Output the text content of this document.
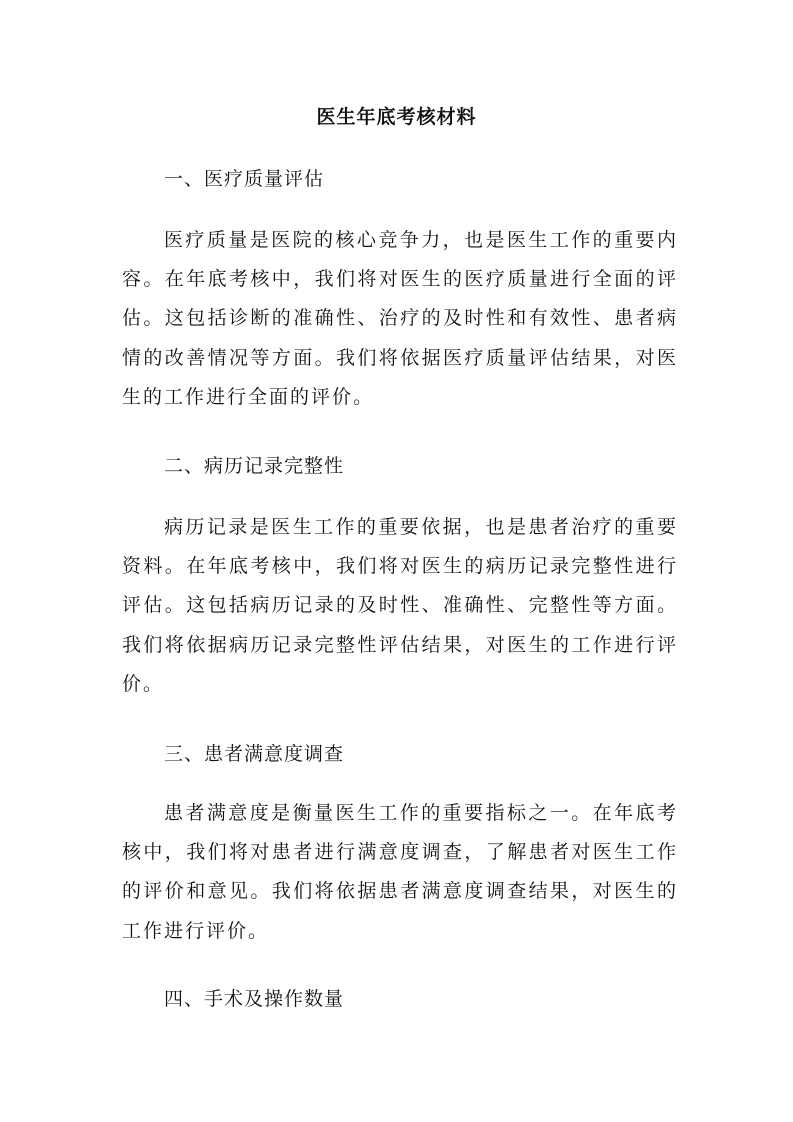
医生年底考核材料
一、医疗质量评估

医疗质量是医院的核心竞争力，也是医生工作的重要内容。在年底考核中，我们将对医生的医疗质量进行全面的评估。这包括诊断的准确性、治疗的及时性和有效性、患者病情的改善情况等方面。我们将依据医疗质量评估结果，对医生的工作进行全面的评价。

二、病历记录完整性

病历记录是医生工作的重要依据，也是患者治疗的重要资料。在年底考核中，我们将对医生的病历记录完整性进行评估。这包括病历记录的及时性、准确性、完整性等方面。我们将依据病历记录完整性评估结果，对医生的工作进行评价。

三、患者满意度调查

患者满意度是衡量医生工作的重要指标之一。在年底考核中，我们将对患者进行满意度调查，了解患者对医生工作的评价和意见。我们将依据患者满意度调查结果，对医生的工作进行评价。

四、手术及操作数量
